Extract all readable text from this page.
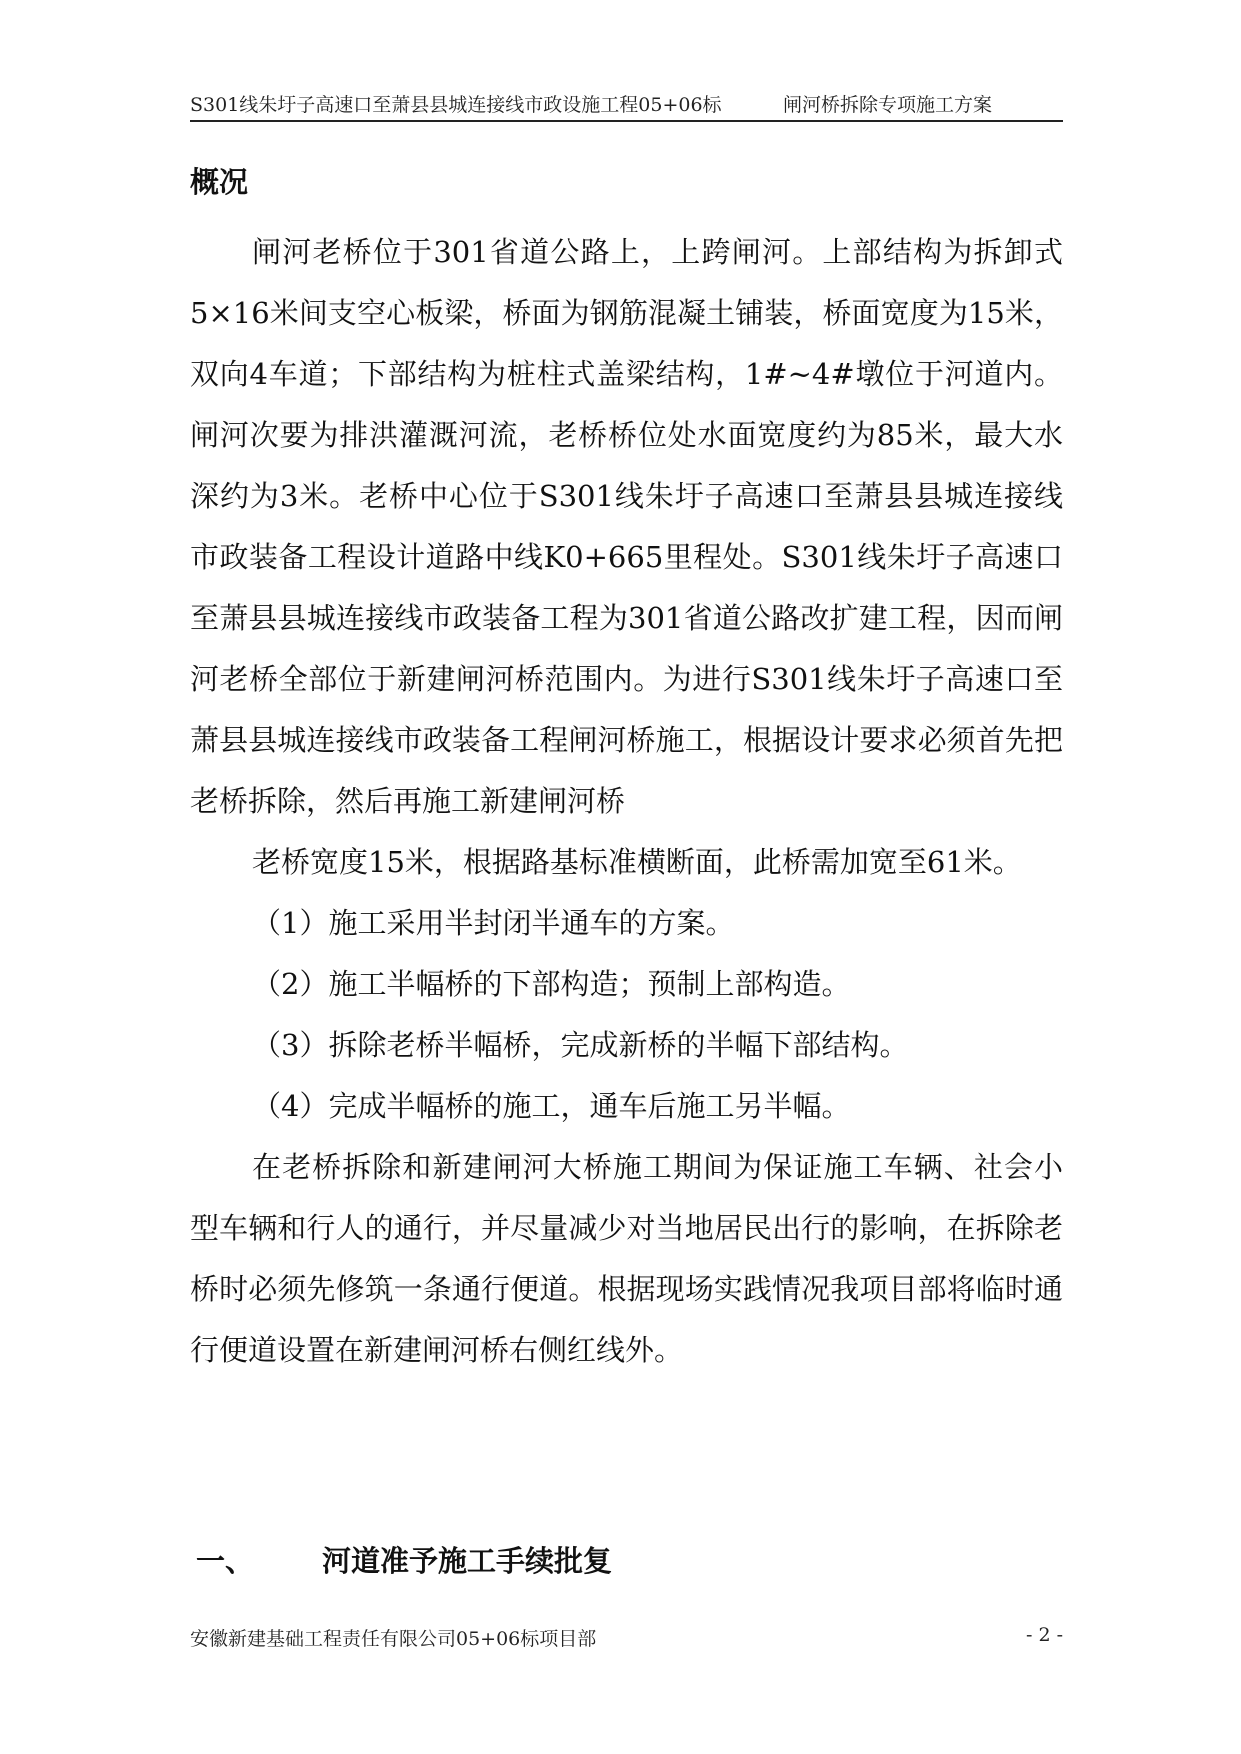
S301线朱圩子高速口至萧县县城连接线市政设施工程05+06标	闸河桥拆除专项施工方案
概况

闸河老桥位于301省道公路上，上跨闸河。上部结构为拆卸式5×16米间支空心板梁，桥面为钢筋混凝土铺装，桥面宽度为15米，双向4车道；下部结构为桩柱式盖梁结构，1#~4#墩位于河道内。闸河次要为排洪灌溉河流，老桥桥位处水面宽度约为85米，最大水深约为3米。老桥中心位于S301线朱圩子高速口至萧县县城连接线市政装备工程设计道路中线K0+665里程处。S301线朱圩子高速口至萧县县城连接线市政装备工程为301省道公路改扩建工程，因而闸河老桥全部位于新建闸河桥范围内。为进行S301线朱圩子高速口至萧县县城连接线市政装备工程闸河桥施工，根据设计要求必须首先把老桥拆除，然后再施工新建闸河桥

老桥宽度15米，根据路基标准横断面，此桥需加宽至61米。

（1）施工采用半封闭半通车的方案。

（2）施工半幅桥的下部构造；预制上部构造。

（3）拆除老桥半幅桥，完成新桥的半幅下部结构。

（4）完成半幅桥的施工，通车后施工另半幅。

在老桥拆除和新建闸河大桥施工期间为保证施工车辆、社会小型车辆和行人的通行，并尽量减少对当地居民出行的影响，在拆除老桥时必须先修筑一条通行便道。根据现场实践情况我项目部将临时通行便道设置在新建闸河桥右侧红线外。

一、 河道准予施工手续批复
安徽新建基础工程责任有限公司05+06标项目部	- 2 -
